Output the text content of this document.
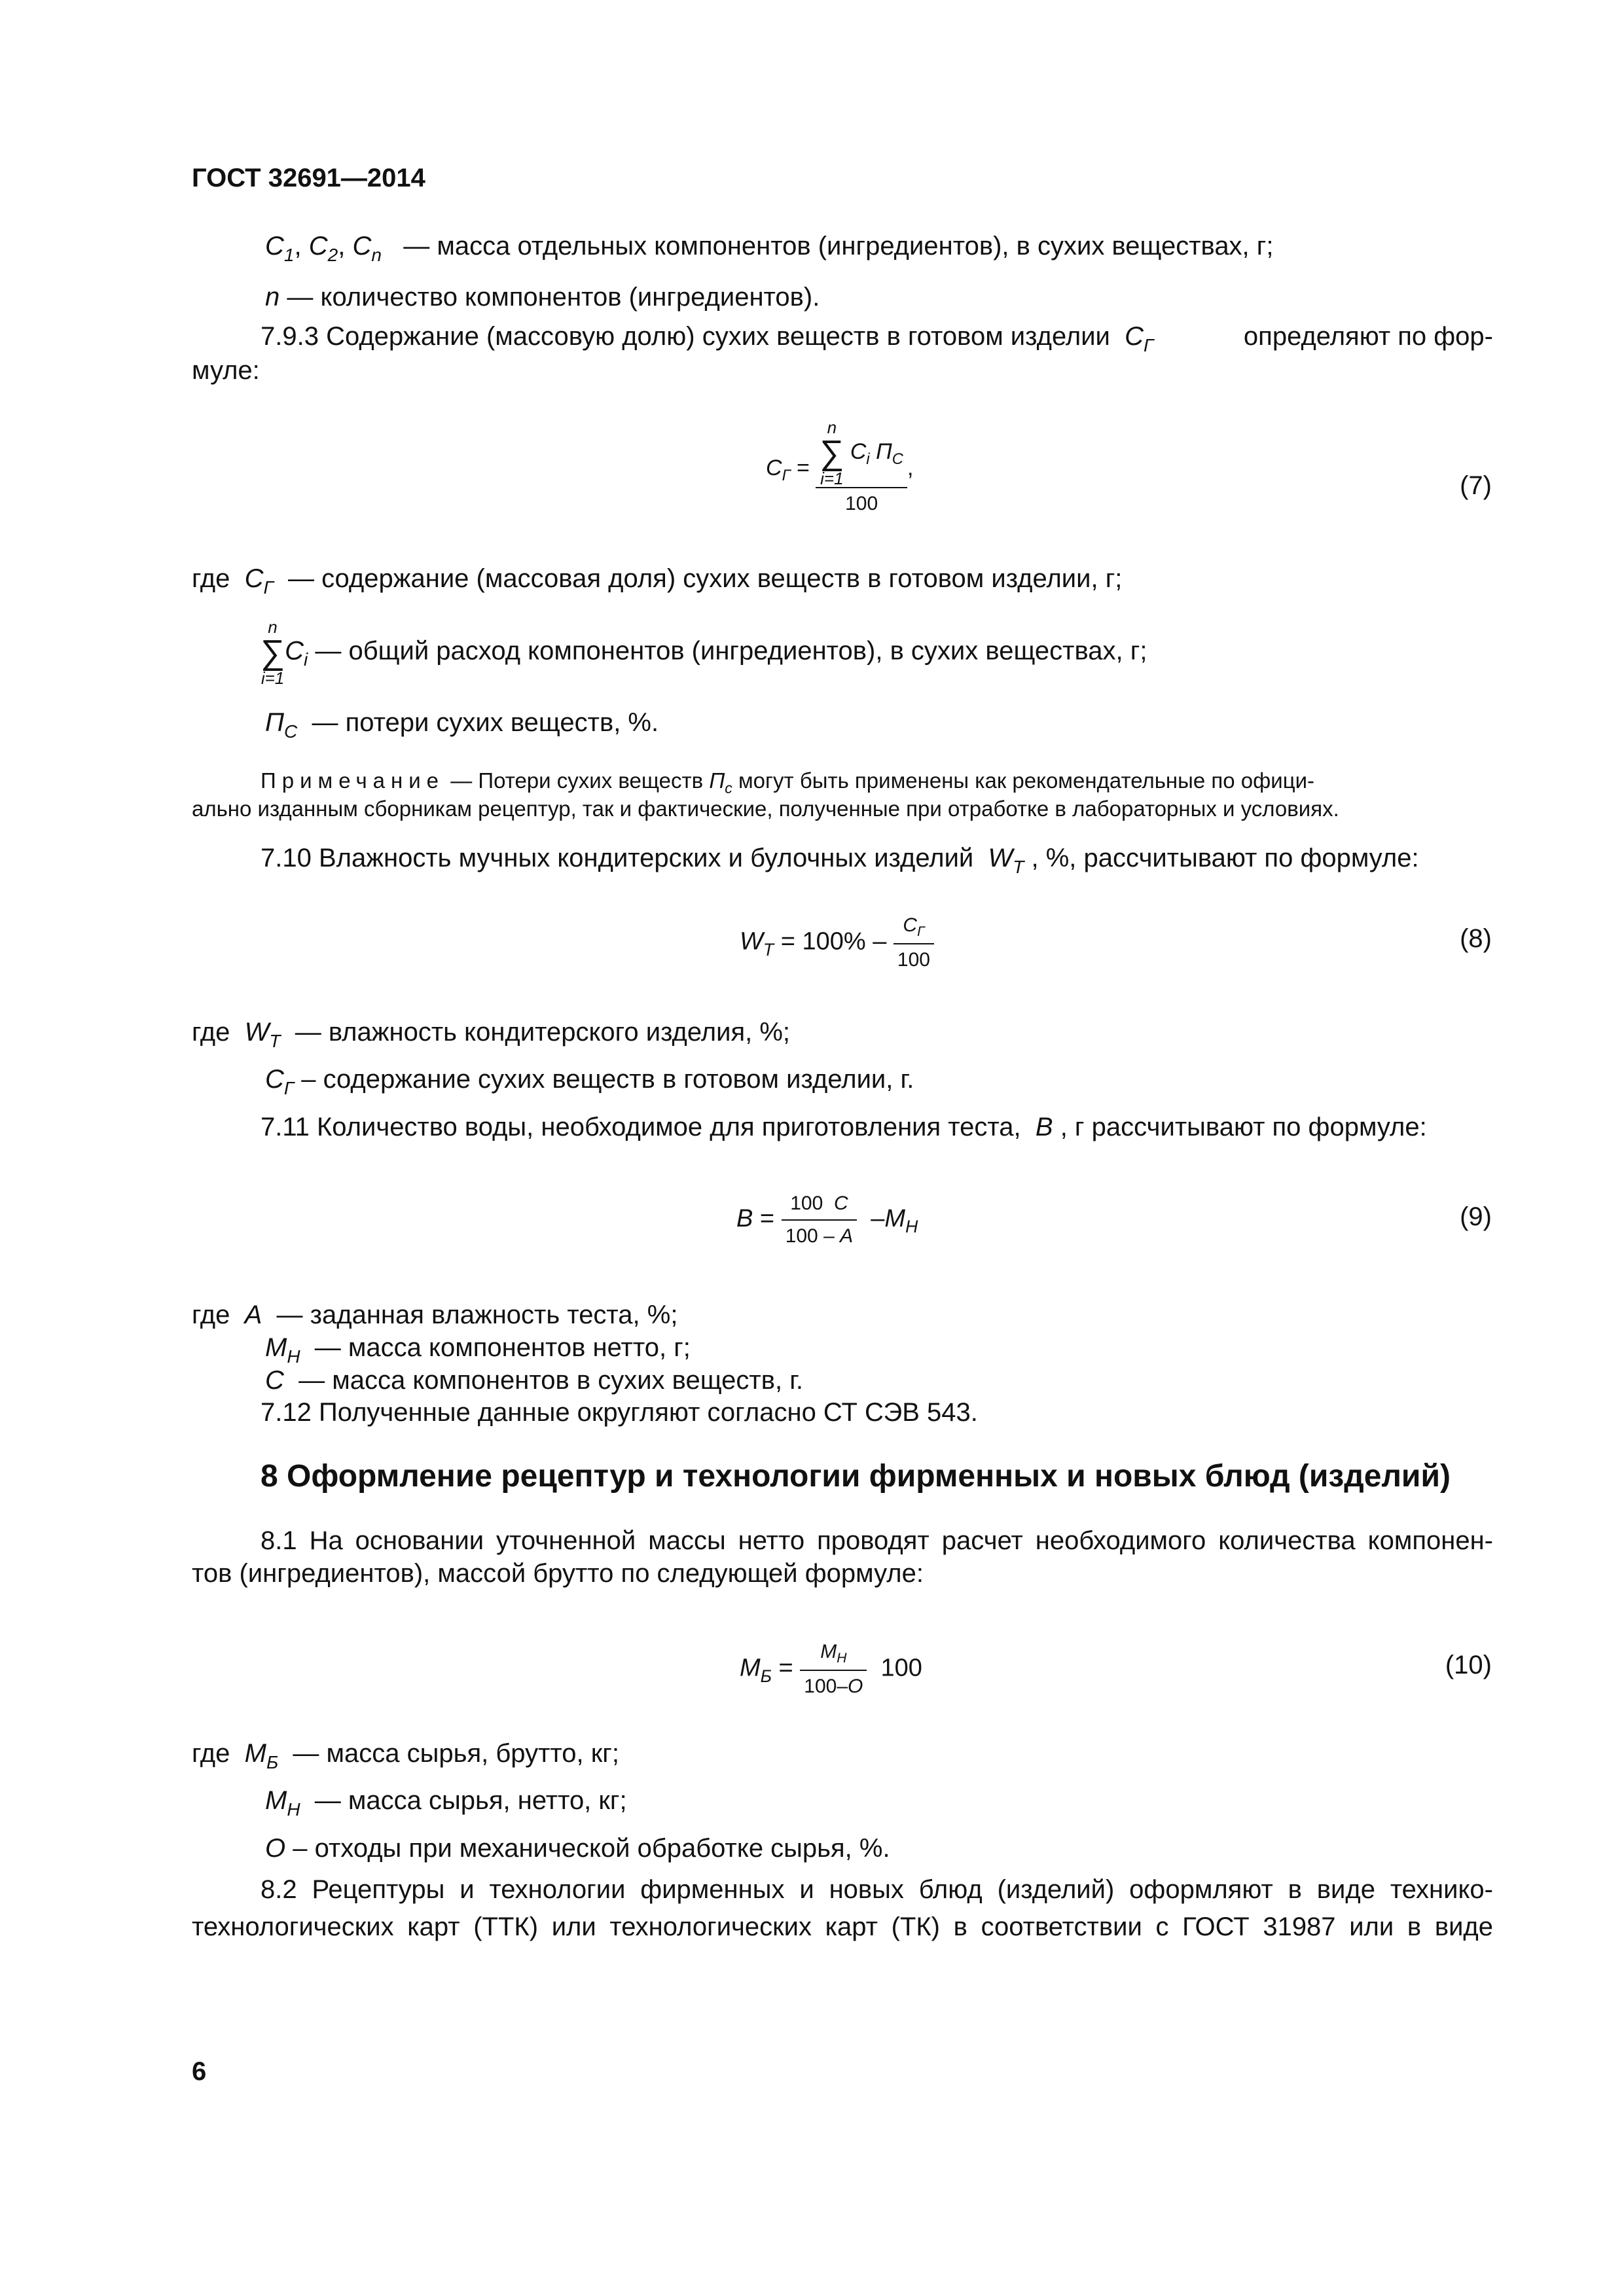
ГОСТ 32691—2014
$C_1$, $C_2$, $C_n$ — масса отдельных компонентов (ингредиентов), в сухих веществах, г;
n — количество компонентов (ингредиентов).
7.9.3 Содержание (массовую долю) сухих веществ в готовом изделии $C_Г$	определяют по фор-
муле:
$C_Г = n$
∑
i=1
$C_i$ $П_С$
100 ,
(7)
где $C_Г$ — содержание (массовая доля) сухих веществ в готовом изделии, г;
n
∑
i=1
$C_i$ — общий расход компонентов (ингредиентов), в сухих веществах, г;
$П_С$ — потери сухих веществ, %.
Примечание — Потери сухих веществ $П_с$ могут быть применены как рекомендательные по офици-
ально изданным сборникам рецептур, так и фактические, полученные при отработке в лабораторных и условиях.
7.10 Влажность мучных кондитерских и булочных изделий $W_T$ , %, рассчитывают по формуле:
$W_T = 100\% - \frac{C_Г}{100}$	(8)
где $W_T$ — влажность кондитерского изделия, %;
$C_Г$ – содержание сухих веществ в готовом изделии, г.
7.11 Количество воды, необходимое для приготовления теста, B , г рассчитывают по формуле:
$B = \frac{100 C}{100 - A} -M_Н$	(9)
где A — заданная влажность теста, %;
$M_Н$ — масса компонентов нетто, г;
C — масса компонентов в сухих веществ, г.
7.12 Полученные данные округляют согласно СТ СЭВ 543.
8 Оформление рецептур и технологии фирменных и новых блюд (изделий)
8.1 На основании уточненной массы нетто проводят расчет необходимого количества компонен-
тов (ингредиентов), массой брутто по следующей формуле:
$M_Б = \frac{M_Н}{100-О} 100$	(10)
где $M_Б$ — масса сырья, брутто, кг;
$M_Н$ — масса сырья, нетто, кг;
О – отходы при механической обработке сырья, %.
8.2 Рецептуры и технологии фирменных и новых блюд (изделий) оформляют в виде технико-
технологических карт (ТТК) или технологических карт (ТК) в соответствии с ГОСТ 31987 или в виде
6
